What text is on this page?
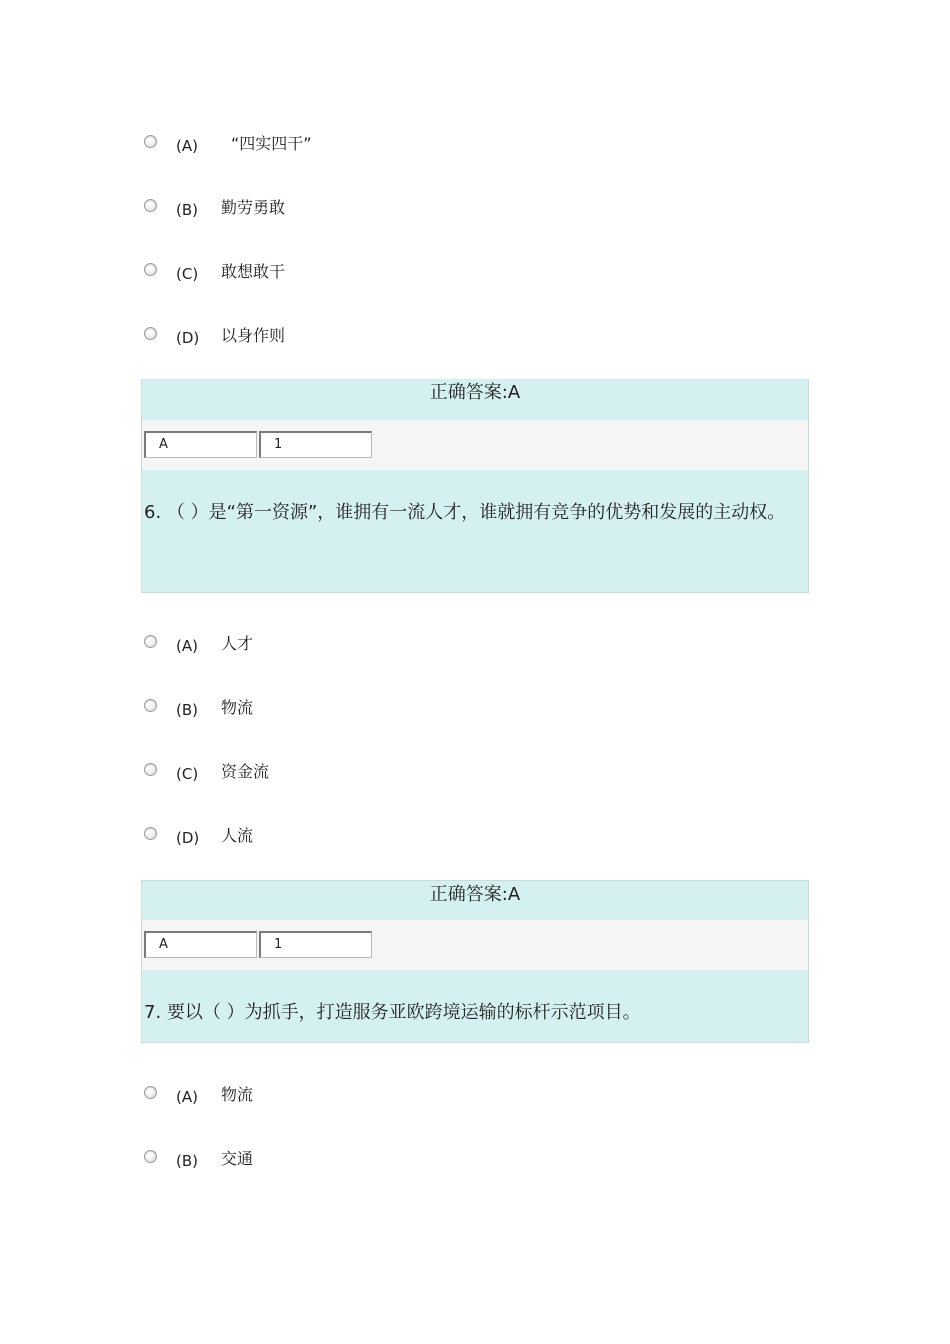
(A) “四实四干”
(B) 勤劳勇敢
(C) 敢想敢干
(D) 以身作则
正确答案:A
A	1
6. （ ）是“第一资源”，谁拥有一流人才，谁就拥有竞争的优势和发展的主动权。
(A) 人才
(B) 物流
(C) 资金流
(D) 人流
正确答案:A
A	1
7. 要以（ ）为抓手，打造服务亚欧跨境运输的标杆示范项目。
(A) 物流
(B) 交通
